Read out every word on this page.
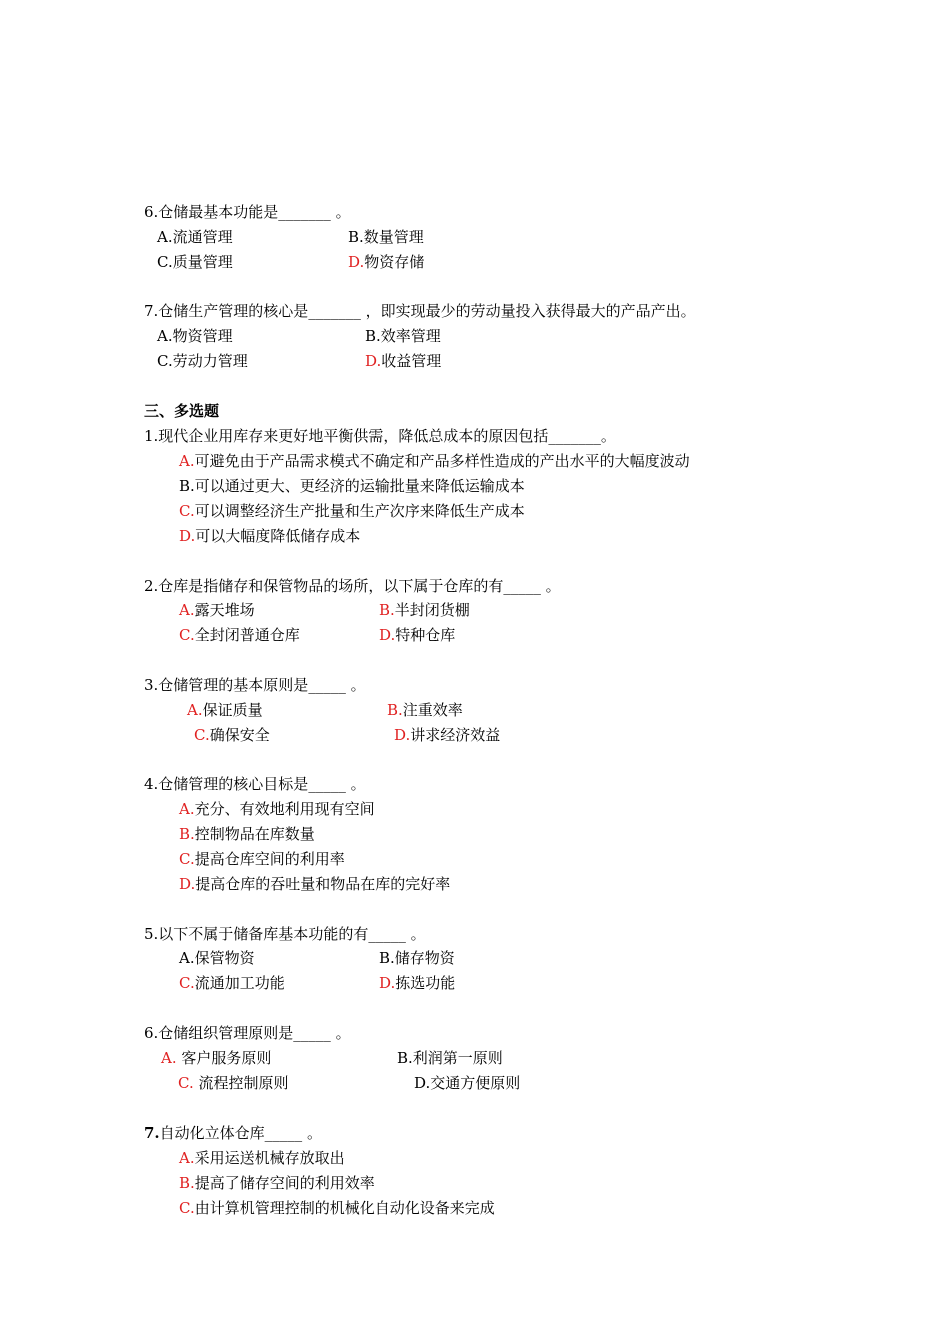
6.仓储最基本功能是_______ 。
A.流通管理	B.数量管理
C.质量管理	D.物资存储
7.仓储生产管理的核心是_______ ，即实现最少的劳动量投入获得最大的产品产出。
A.物资管理	B.效率管理
C.劳动力管理	D.收益管理
三、多选题
1.现代企业用库存来更好地平衡供需，降低总成本的原因包括_______。
A.可避免由于产品需求模式不确定和产品多样性造成的产出水平的大幅度波动
B.可以通过更大、更经济的运输批量来降低运输成本
C.可以调整经济生产批量和生产次序来降低生产成本
D.可以大幅度降低储存成本
2.仓库是指储存和保管物品的场所，以下属于仓库的有_____ 。
A.露天堆场	B.半封闭货棚
C.全封闭普通仓库	D.特种仓库
3.仓储管理的基本原则是_____ 。
A.保证质量	B.注重效率
C.确保安全	D.讲求经济效益
4.仓储管理的核心目标是_____ 。
A.充分、有效地利用现有空间
B.控制物品在库数量
C.提高仓库空间的利用率
D.提高仓库的吞吐量和物品在库的完好率
5.以下不属于储备库基本功能的有_____ 。
A.保管物资	B.储存物资
C.流通加工功能	D.拣选功能
6.仓储组织管理原则是_____ 。
A. 客户服务原则	B.利润第一原则
C. 流程控制原则	D.交通方便原则
7.自动化立体仓库_____ 。
A.采用运送机械存放取出
B.提高了储存空间的利用效率
C.由计算机管理控制的机械化自动化设备来完成
